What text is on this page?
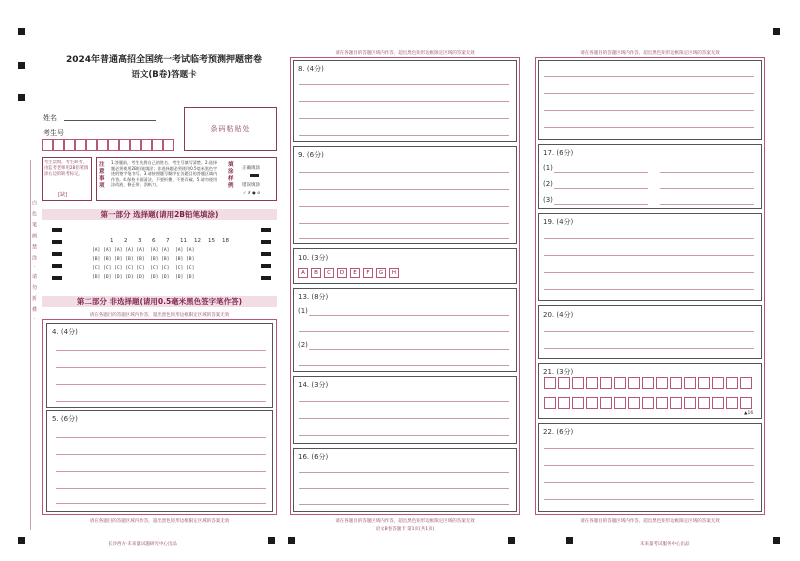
2024年普通高招全国统一考试临考预测押题密卷
语文(B卷)答题卡
姓名
考生号	条码粘贴处
考生禁填，考生缺考，由监考老师用2B铅笔填涂右边的缺考标记。
[缺]
注意事项
1.答题前，考生先将自己的姓名、考生号填写清楚。2.选择题必须使用2B铅笔填涂；非选择题必须使用0.5毫米黑色字迹的签字笔书写。3.请按照题号顺序在各题目的答题区域内作答。4.保持卡面清洁，不要折叠、不要弄破。5.请勿使用涂改液、修正带、刮纸刀。
填涂样例
正确填涂
错误填涂
✓ ✗ ● ⊘
白色笔画禁涂·请勿折叠·	第一部分 选择题(请用2B铅笔填涂)
1 2 3 6 7 11 12 15 18
[A] [A] [A] [A] [A]  [A] [A]  [A] [A]
[B] [B] [B] [B] [B]  [B] [B]  [B] [B]
[C] [C] [C] [C] [C]  [C] [C]  [C] [C]
[D] [D] [D] [D] [D]  [D] [D]  [D] [D]
第二部分 非选择题(请用0.5毫米黑色签字笔作答)
请在各题目的答题区域内作答，超出黑色矩形边框限定区域的答案无效
4. (4分)
5. (6分)
请在各题目的答题区域内作答，超出黑色矩形边框限定区域的答案无效
长沙西方·未来量试题研究中心出品
请在各题目的答题区域内作答，超出黑色矩形边框限定区域的答案无效
8. (4分)
9. (6分)
10. (3分)
A	B	C	D	E	F	G	H
13. (8分)
(1)
(2)
14. (3分)
16. (6分)
请在各题目的答题区域内作答，超出黑色矩形边框限定区域的答案无效
语文B卷答题卡 第1页(共1页)
请在各题目的答题区域内作答，超出黑色矩形边框限定区域的答案无效
17. (6分)
(1)
(2)
(3)
19. (4分)
20. (4分)
21. (3分)
▲16
22. (6分)
请在各题目的答题区域内作答，超出黑色矩形边框限定区域的答案无效
未来量考试服务中心出品
